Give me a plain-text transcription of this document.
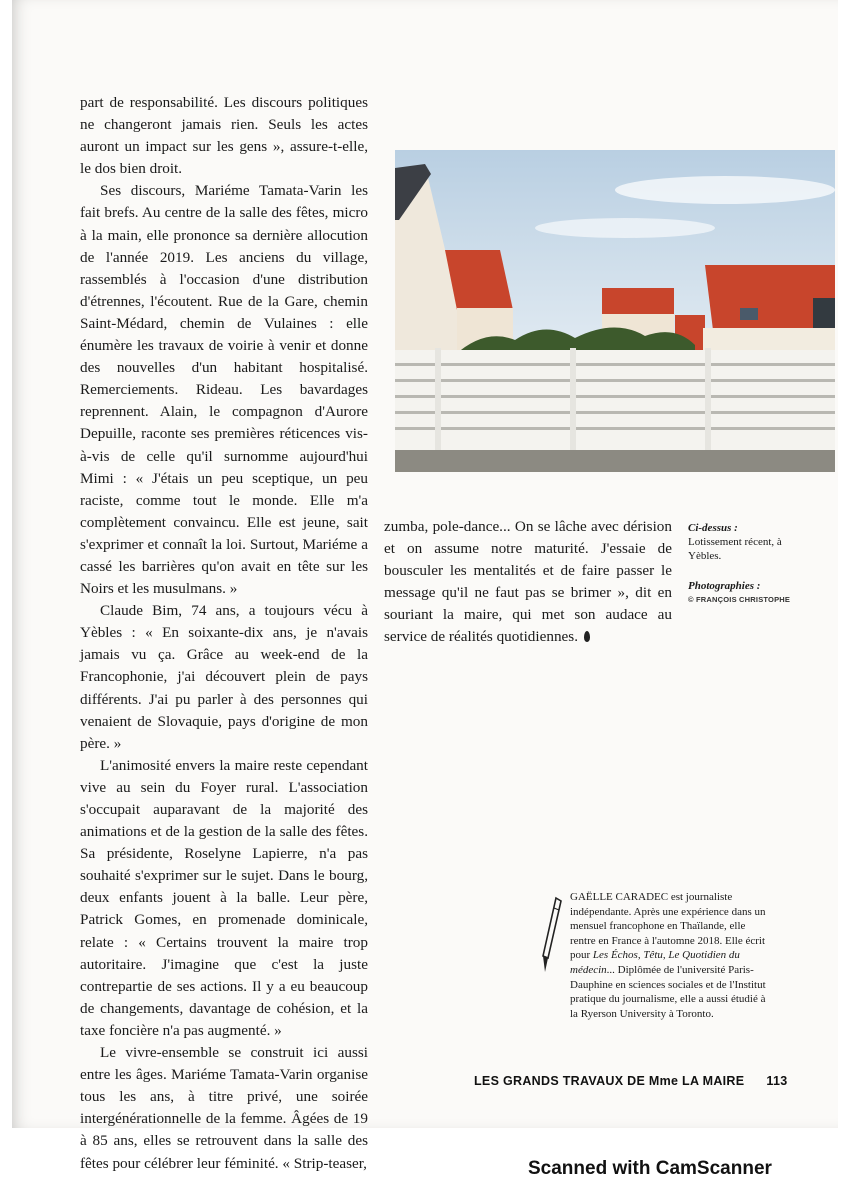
part de responsabilité. Les discours politiques ne changeront jamais rien. Seuls les actes auront un impact sur les gens », assure-t-elle, le dos bien droit.

Ses discours, Mariéme Tamata-Varin les fait brefs. Au centre de la salle des fêtes, micro à la main, elle prononce sa dernière allocution de l'année 2019. Les anciens du village, rassemblés à l'occasion d'une distribution d'étrennes, l'écoutent. Rue de la Gare, chemin Saint-Médard, chemin de Vulaines : elle énumère les travaux de voirie à venir et donne des nouvelles d'un habitant hospitalisé. Remerciements. Rideau. Les bavardages reprennent. Alain, le compagnon d'Aurore Depuille, raconte ses premières réticences vis-à-vis de celle qu'il surnomme aujourd'hui Mimi : « J'étais un peu sceptique, un peu raciste, comme tout le monde. Elle m'a complètement convaincu. Elle est jeune, sait s'exprimer et connaît la loi. Surtout, Mariéme a cassé les barrières qu'on avait en tête sur les Noirs et les musulmans. »

Claude Bim, 74 ans, a toujours vécu à Yèbles : « En soixante-dix ans, je n'avais jamais vu ça. Grâce au week-end de la Francophonie, j'ai découvert plein de pays différents. J'ai pu parler à des personnes qui venaient de Slovaquie, pays d'origine de mon père. »

L'animosité envers la maire reste cependant vive au sein du Foyer rural. L'association s'occupait auparavant de la majorité des animations et de la gestion de la salle des fêtes. Sa présidente, Roselyne Lapierre, n'a pas souhaité s'exprimer sur le sujet. Dans le bourg, deux enfants jouent à la balle. Leur père, Patrick Gomes, en promenade dominicale, relate : « Certains trouvent la maire trop autoritaire. J'imagine que c'est la juste contrepartie de ses actions. Il y a eu beaucoup de changements, davantage de cohésion, et la taxe foncière n'a pas augmenté. »

Le vivre-ensemble se construit ici aussi entre les âges. Mariéme Tamata-Varin organise tous les ans, à titre privé, une soirée intergénérationnelle de la femme. Âgées de 19 à 85 ans, elles se retrouvent dans la salle des fêtes pour célébrer leur féminité. « Strip-teaser,

zumba, pole-dance... On se lâche avec dérision et on assume notre maturité. J'essaie de bousculer les mentalités et de faire passer le message qu'il ne faut pas se brimer », dit en souriant la maire, qui met son audace au service de réalités quotidiennes.

Ci-dessus :
Lotissement récent, à Yèbles.
Photographies :
© FRANÇOIS CHRISTOPHE
GAËLLE CARADEC est journaliste indépendante. Après une expérience dans un mensuel francophone en Thaïlande, elle rentre en France à l'automne 2018. Elle écrit pour Les Échos, Têtu, Le Quotidien du médecin... Diplômée de l'université Paris-Dauphine en sciences sociales et de l'Institut pratique du journalisme, elle a aussi étudié à la Ryerson University à Toronto.
LES GRANDS TRAVAUX DE Mme LA MAIRE 113
Scanned with CamScanner
